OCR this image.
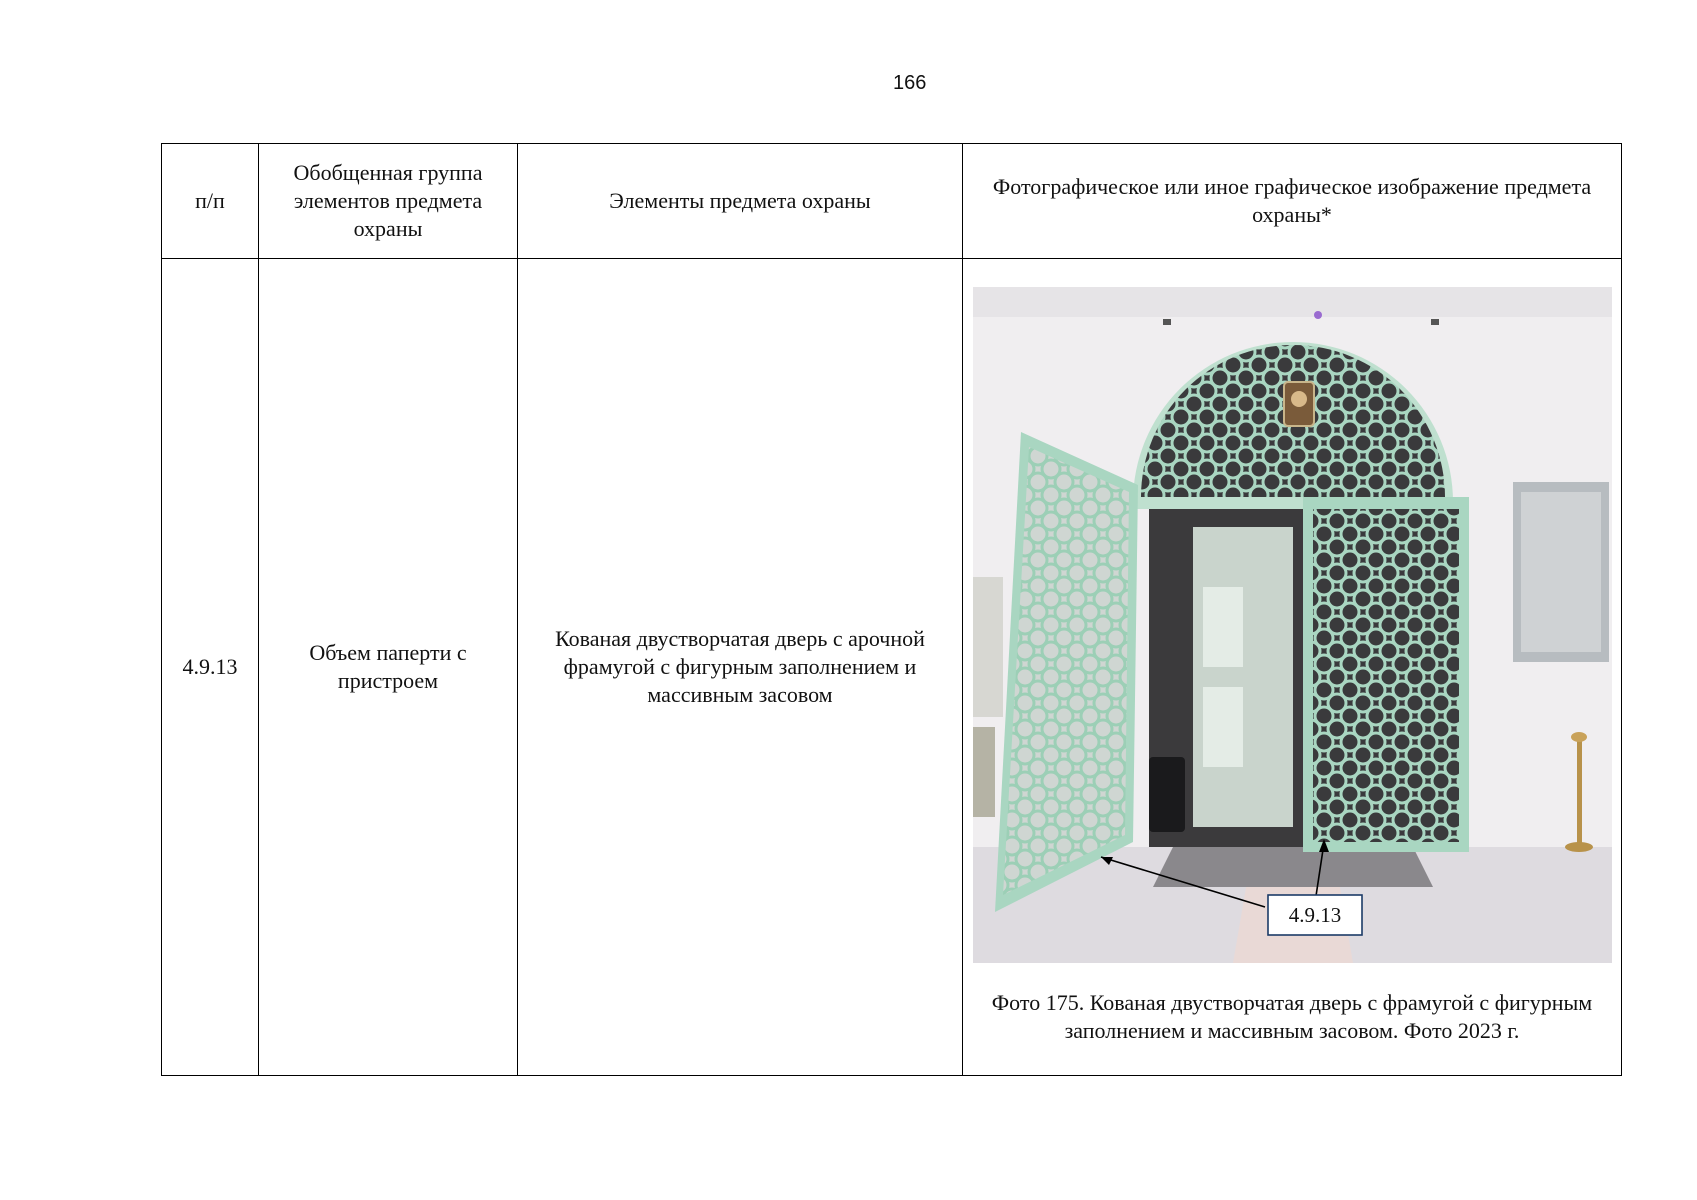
166
п/п	Обобщенная группа элементов предмета охраны	Элементы предмета охраны	Фотографическое или иное графическое изображение предмета охраны*
4.9.13	Объем паперти с пристроем	Кованая двустворчатая дверь с арочной фрамугой с фигурным заполнением и массивным засовом	4.9.13
Фото 175. Кованая двустворчатая дверь с фрамугой с фигурным заполнением и массивным засовом. Фото 2023 г.
